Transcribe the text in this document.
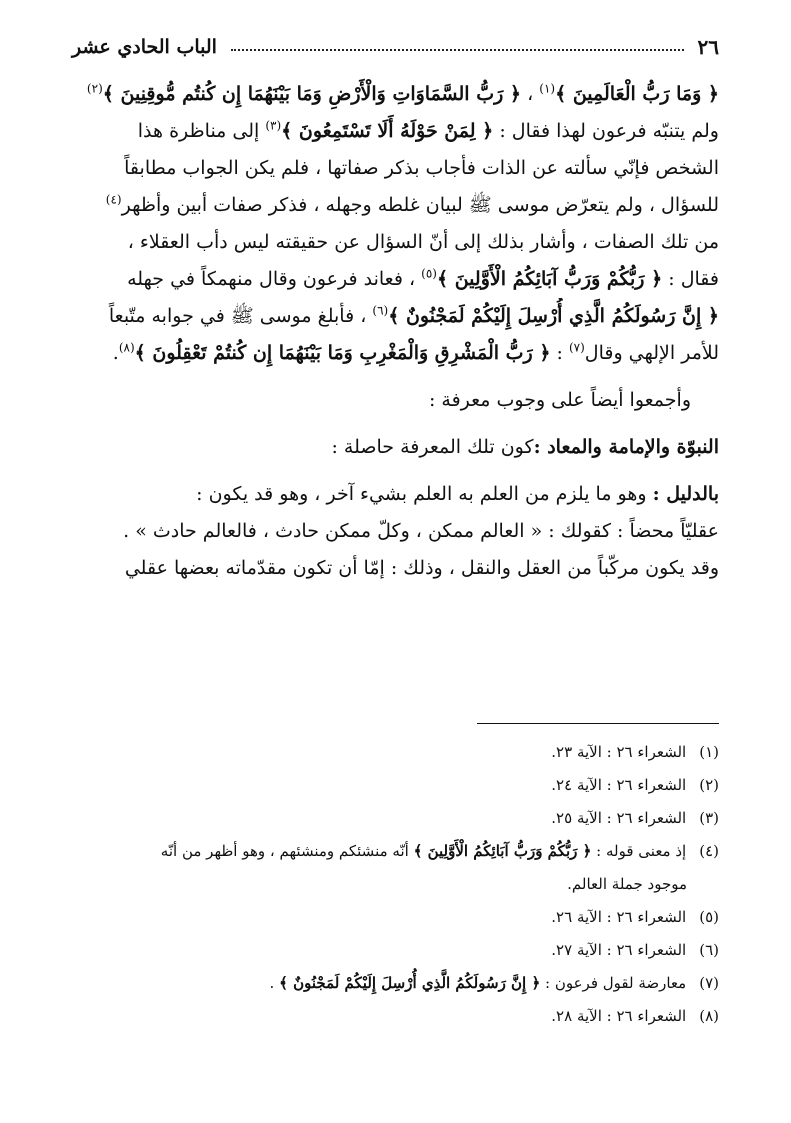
٢٦
الباب الحادي عشر
﴿ وَمَا رَبُّ الْعَالَمِينَ ﴾$^{(١)}$ ، ﴿ رَبُّ السَّمَاوَاتِ وَالْأَرْضِ وَمَا بَيْنَهُمَا إِن كُنتُم مُّوقِنِينَ ﴾$^{(٢)}$
ولم يتنبّه فرعون لهذا فقال : ﴿ لِمَنْ حَوْلَهُ أَلَا تَسْتَمِعُونَ ﴾$^{(٣)}$ إلى مناظرة هذا
الشخص فإنّي سألته عن الذات فأجاب بذكر صفاتها ، فلم يكن الجواب مطابقاً
للسؤال ، ولم يتعرّض موسى ﷺ لبيان غلطه وجهله ، فذكر صفات أبين وأظهر$^{(٤)}$
من تلك الصفات ، وأشار بذلك إلى أنّ السؤال عن حقيقته ليس دأب العقلاء ،
فقال : ﴿ رَبُّكُمْ وَرَبُّ آبَائِكُمُ الْأَوَّلِينَ ﴾$^{(٥)}$ ، فعاند فرعون وقال منهمكاً في جهله
﴿ إِنَّ رَسُولَكُمُ الَّذِي أُرْسِلَ إِلَيْكُمْ لَمَجْنُونٌ ﴾$^{(٦)}$ ، فأبلغ موسى ﷺ في جوابه متّبعاً
للأمر الإلهي وقال$^{(٧)}$ : ﴿ رَبُّ الْمَشْرِقِ وَالْمَغْرِبِ وَمَا بَيْنَهُمَا إِن كُنتُمْ تَعْقِلُونَ ﴾$^{(٨)}$.
وأجمعوا أيضاً على وجوب معرفة :
النبوّة والإمامة والمعاد :كون تلك المعرفة حاصلة :
بالدليل : وهو ما يلزم من العلم به العلم بشيء آخر ، وهو قد يكون :
عقليّاً محضاً : كقولك : « العالم ممكن ، وكلّ ممكن حادث ، فالعالم حادث » .
وقد يكون مركّباً من العقل والنقل ، وذلك : إمّا أن تكون مقدّماته بعضها عقلي
(١) الشعراء ٢٦ : الآية ٢٣.
(٢) الشعراء ٢٦ : الآية ٢٤.
(٣) الشعراء ٢٦ : الآية ٢٥.
(٤) إذ معنى قوله : ﴿ رَبُّكُمْ وَرَبُّ آبَائِكُمُ الْأَوَّلِينَ ﴾ أنّه منشئكم ومنشئهم ، وهو أظهر من أنّه
موجود جملة العالم.
(٥) الشعراء ٢٦ : الآية ٢٦.
(٦) الشعراء ٢٦ : الآية ٢٧.
(٧) معارضة لقول فرعون : ﴿ إِنَّ رَسُولَكُمُ الَّذِي أُرْسِلَ إِلَيْكُمْ لَمَجْنُونٌ ﴾ .
(٨) الشعراء ٢٦ : الآية ٢٨.
